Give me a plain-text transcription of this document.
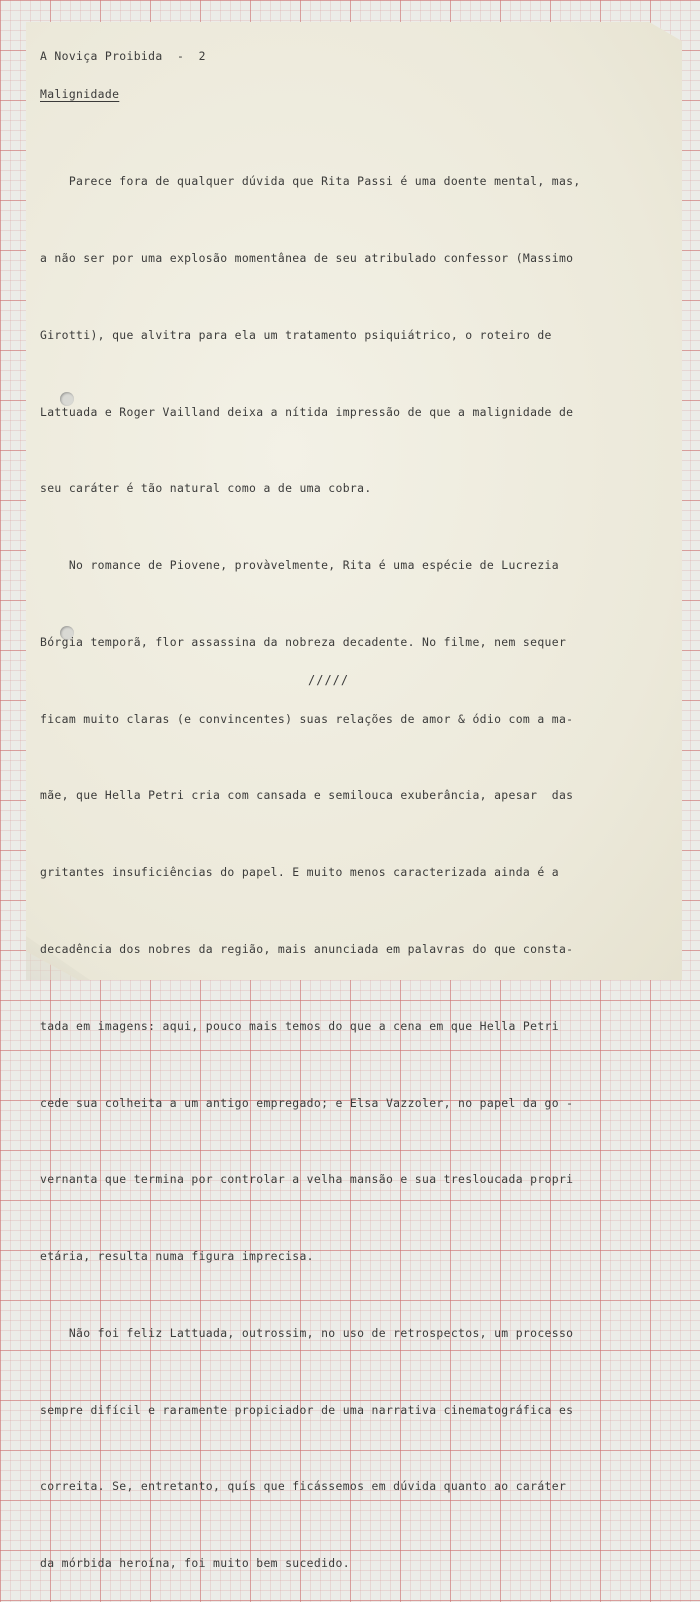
A Noviça Proibida  -  2
Malignidade

Parece fora de qualquer dúvida que Rita Passi é uma doente mental, mas,

a não ser por uma explosão momentânea de seu atribulado confessor (Massimo

Girotti), que alvitra para ela um tratamento psiquiátrico, o roteiro de

Lattuada e Roger Vailland deixa a nítida impressão de que a malignidade de

seu caráter é tão natural como a de uma cobra.

No romance de Piovene, provàvelmente, Rita é uma espécie de Lucrezia

Bórgia temporã, flor assassina da nobreza decadente. No filme, nem sequer

ficam muito claras (e convincentes) suas relações de amor & ódio com a ma-

mãe, que Hella Petri cria com cansada e semilouca exuberância, apesar  das

gritantes insuficiências do papel. E muito menos caracterizada ainda é a

decadência dos nobres da região, mais anunciada em palavras do que consta-

tada em imagens: aqui, pouco mais temos do que a cena em que Hella Petri

cede sua colheita a um antigo empregado; e Elsa Vazzoler, no papel da go -

vernanta que termina por controlar a velha mansão e sua tresloucada propri

etária, resulta numa figura imprecisa.

Não foi feliz Lattuada, outrossim, no uso de retrospectos, um processo

sempre difícil e raramente propiciador de uma narrativa cinematográfica es

correita. Se, entretanto, quís que ficássemos em dúvida quanto ao caráter

da mórbida heroína, foi muito bem sucedido.

/////
